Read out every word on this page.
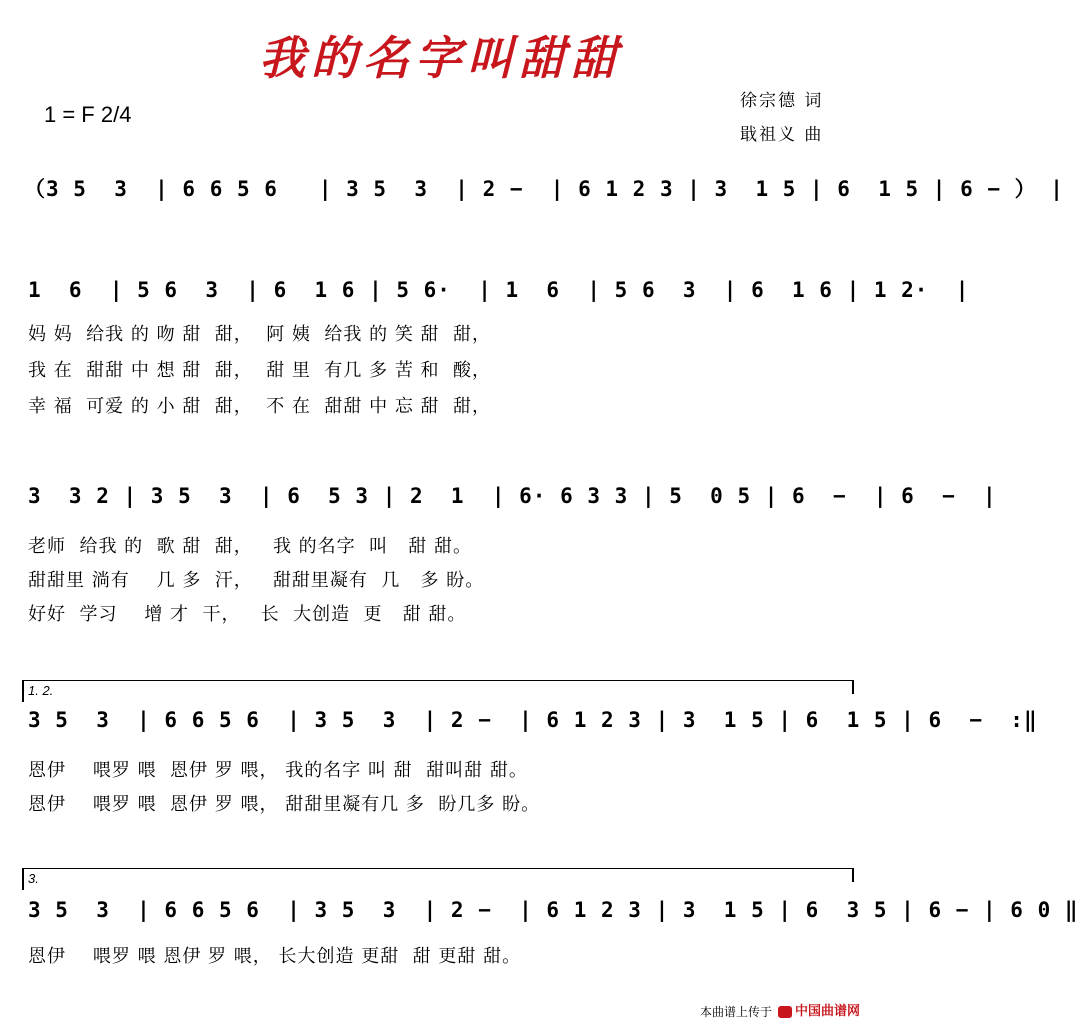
我的名字叫甜甜
1 = F 2/4
徐宗德 词
戢祖义 曲
（3 5  3  | 6 6 5 6   | 3 5  3  | 2 −  | 6 1 2 3 | 3  1 5 | 6  1 5 | 6 − ） |
1  6  | 5 6  3  | 6  1 6 | 5 6·  | 1  6  | 5 6  3  | 6  1 6 | 1 2·  |
妈 妈  给我 的 吻 甜  甜，  阿 姨  给我 的 笑 甜  甜，
我 在  甜甜 中 想 甜  甜，  甜 里  有几 多 苦 和  酸，
幸 福  可爱 的 小 甜  甜，  不 在  甜甜 中 忘 甜  甜，
3  3 2 | 3 5  3  | 6  5 3 | 2  1  | 6· 6 3 3 | 5  0 5 | 6  −  | 6  −  |
老师  给我 的  歌 甜  甜，   我 的名字  叫   甜 甜。
甜甜里 淌有    几 多  汗，   甜甜里凝有  几   多 盼。
好好  学习    增 才  干，   长  大创造  更   甜 甜。
1. 2.
3 5  3  | 6 6 5 6  | 3 5  3  | 2 −  | 6 1 2 3 | 3  1 5 | 6  1 5 | 6  −  :‖
恩伊    喂罗 喂  恩伊 罗 喂， 我的名字 叫 甜  甜叫甜 甜。
恩伊    喂罗 喂  恩伊 罗 喂， 甜甜里凝有几 多  盼几多 盼。
3.
3 5  3  | 6 6 5 6  | 3 5  3  | 2 −  | 6 1 2 3 | 3  1 5 | 6  3 5 | 6 − | 6 0 ‖
恩伊    喂罗 喂 恩伊 罗 喂， 长大创造 更甜  甜 更甜 甜。
本曲谱上传于	中国曲谱网
